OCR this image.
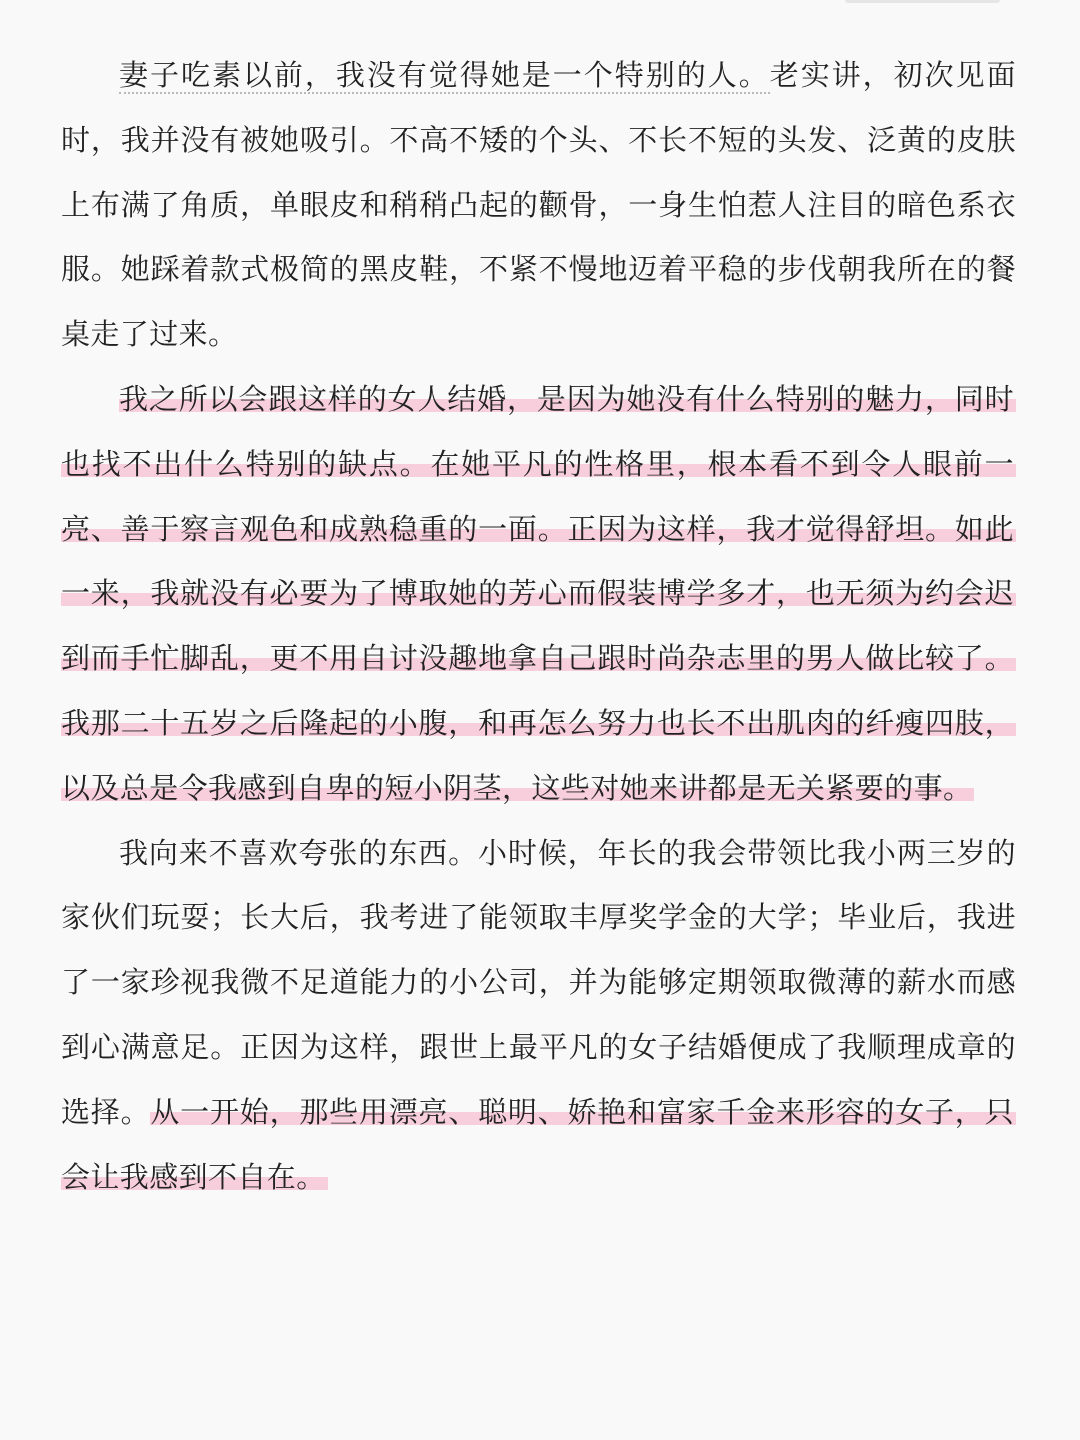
妻子吃素以前，我没有觉得她是一个特别的人。老实讲，初次见面时，我并没有被她吸引。不高不矮的个头、不长不短的头发、泛黄的皮肤上布满了角质，单眼皮和稍稍凸起的颧骨，一身生怕惹人注目的暗色系衣服。她踩着款式极简的黑皮鞋，不紧不慢地迈着平稳的步伐朝我所在的餐桌走了过来。

我之所以会跟这样的女人结婚，是因为她没有什么特别的魅力，同时也找不出什么特别的缺点。在她平凡的性格里，根本看不到令人眼前一亮、善于察言观色和成熟稳重的一面。正因为这样，我才觉得舒坦。如此一来，我就没有必要为了博取她的芳心而假装博学多才，也无须为约会迟到而手忙脚乱，更不用自讨没趣地拿自己跟时尚杂志里的男人做比较了。我那二十五岁之后隆起的小腹，和再怎么努力也长不出肌肉的纤瘦四肢，以及总是令我感到自卑的短小阴茎，这些对她来讲都是无关紧要的事。

我向来不喜欢夸张的东西。小时候，年长的我会带领比我小两三岁的家伙们玩耍；长大后，我考进了能领取丰厚奖学金的大学；毕业后，我进了一家珍视我微不足道能力的小公司，并为能够定期领取微薄的薪水而感到心满意足。正因为这样，跟世上最平凡的女子结婚便成了我顺理成章的选择。从一开始，那些用漂亮、聪明、娇艳和富家千金来形容的女子，只会让我感到不自在。
